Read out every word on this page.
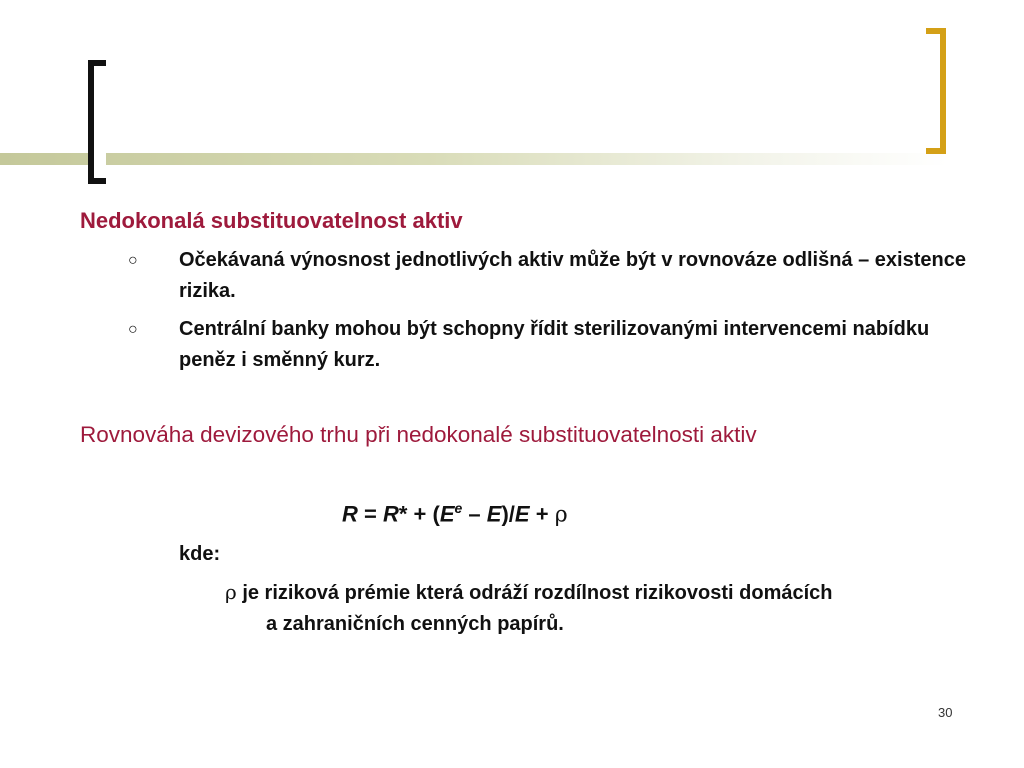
Nedokonalá substituovatelnost aktiv
○	Očekávaná výnosnost jednotlivých aktiv může být v rovnováze odlišná – existence rizika.
○	Centrální banky mohou být schopny řídit sterilizovanými intervencemi nabídku peněz i směnný kurz.
Rovnováha devizového trhu při nedokonalé substituovatelnosti aktiv
$R = R* + (E^e - E)/E + \rho$
kde:
ρ je riziková prémie která odráží rozdílnost rizikovosti domácích
a zahraničních cenných papírů.
30
